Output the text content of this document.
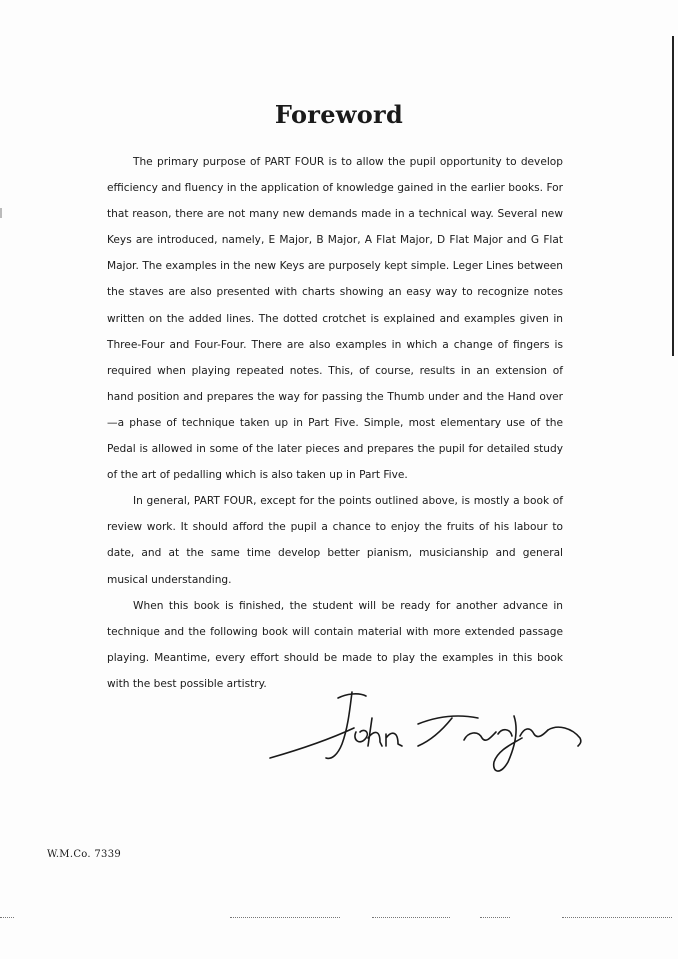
Foreword

The primary purpose of PART FOUR is to allow the pupil opportunity to develop efficiency and fluency in the application of knowledge gained in the earlier books. For that reason, there are not many new demands made in a technical way. Several new Keys are introduced, namely, E Major, B Major, A Flat Major, D Flat Major and G Flat Major. The examples in the new Keys are purposely kept simple. Leger Lines between the staves are also presented with charts showing an easy way to recognize notes written on the added lines. The dotted crotchet is explained and examples given in Three-Four and Four-Four. There are also examples in which a change of fingers is required when playing repeated notes. This, of course, results in an extension of hand position and prepares the way for passing the Thumb under and the Hand over—a phase of technique taken up in Part Five. Simple, most elementary use of the Pedal is allowed in some of the later pieces and prepares the pupil for detailed study of the art of pedalling which is also taken up in Part Five.

In general, PART FOUR, except for the points outlined above, is mostly a book of review work. It should afford the pupil a chance to enjoy the fruits of his labour to date, and at the same time develop better pianism, musicianship and general musical understanding.

When this book is finished, the student will be ready for another advance in technique and the following book will contain material with more extended passage playing. Meantime, every effort should be made to play the examples in this book with the best possible artistry.

W.M.Co. 7339
